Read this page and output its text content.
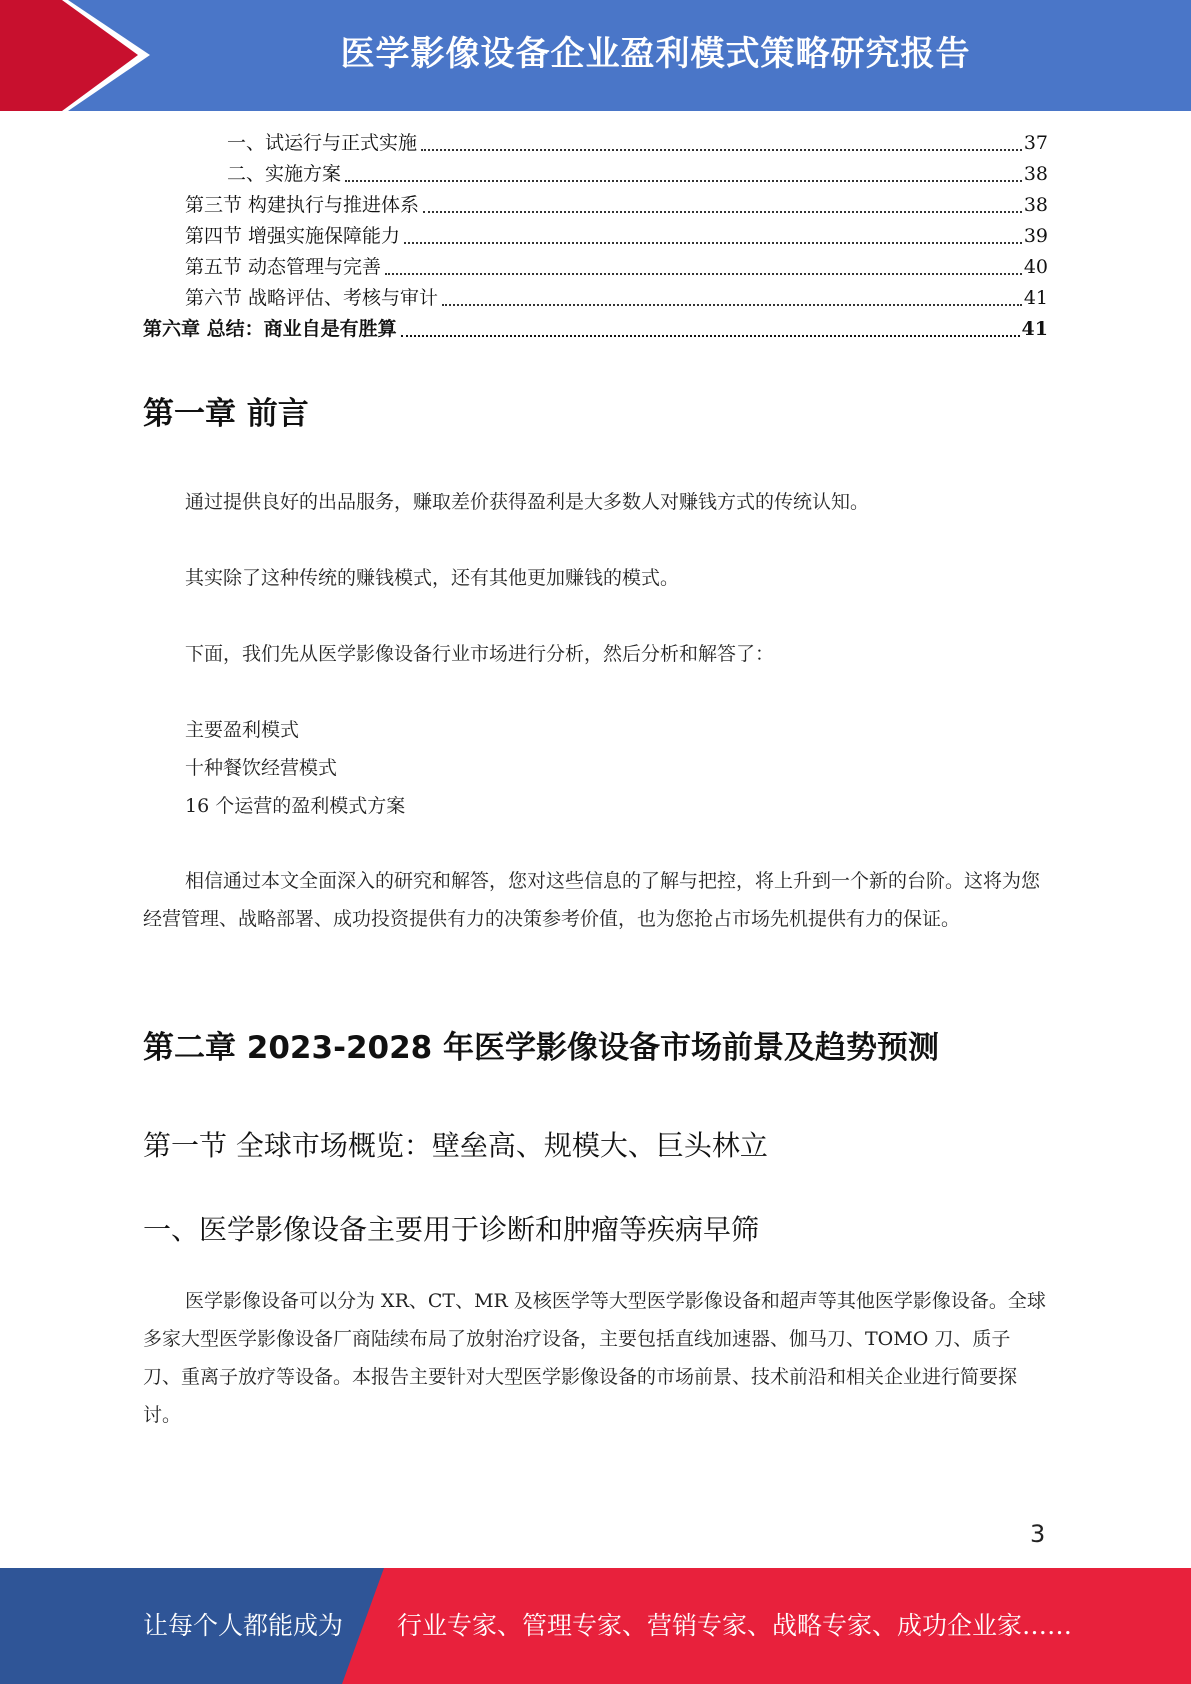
医学影像设备企业盈利模式策略研究报告
一、试运行与正式实施	37
二、实施方案	38
第三节 构建执行与推进体系	38
第四节 增强实施保障能力	39
第五节 动态管理与完善	40
第六节 战略评估、考核与审计	41
第六章 总结：商业自是有胜算	41
第一章 前言
通过提供良好的出品服务，赚取差价获得盈利是大多数人对赚钱方式的传统认知。
其实除了这种传统的赚钱模式，还有其他更加赚钱的模式。
下面，我们先从医学影像设备行业市场进行分析，然后分析和解答了：
主要盈利模式
十种餐饮经营模式
16 个运营的盈利模式方案
相信通过本文全面深入的研究和解答，您对这些信息的了解与把控，将上升到一个新的台阶。这将为您经营管理、战略部署、成功投资提供有力的决策参考价值，也为您抢占市场先机提供有力的保证。
第二章 2023-2028 年医学影像设备市场前景及趋势预测
第一节 全球市场概览：壁垒高、规模大、巨头林立
一、医学影像设备主要用于诊断和肿瘤等疾病早筛
医学影像设备可以分为 XR、CT、MR 及核医学等大型医学影像设备和超声等其他医学影像设备。全球多家大型医学影像设备厂商陆续布局了放射治疗设备，主要包括直线加速器、伽马刀、TOMO 刀、质子刀、重离子放疗等设备。本报告主要针对大型医学影像设备的市场前景、技术前沿和相关企业进行简要探讨。
3
让每个人都能成为 行业专家、管理专家、营销专家、战略专家、成功企业家……
